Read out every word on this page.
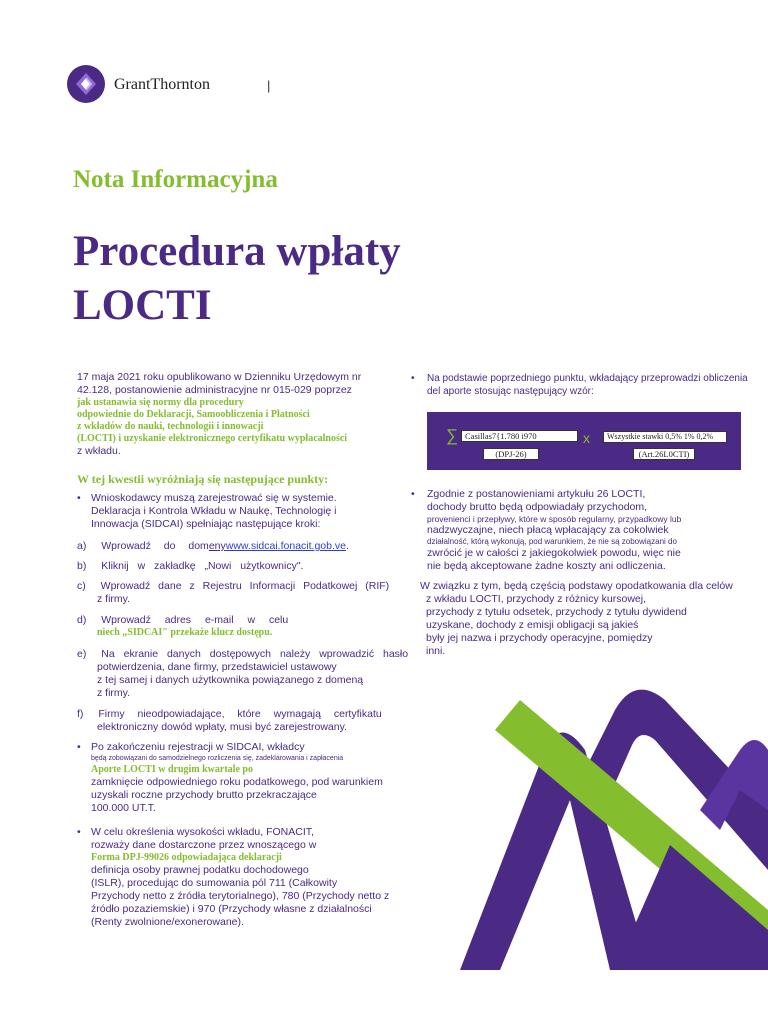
GrantThornton	|
Nota Informacyjna
Procedura wpłaty
LOCTI
17 maja 2021 roku opublikowano w Dzienniku Urzędowym nr
42.128, postanowienie administracyjne nr 015-029 poprzez
jak ustanawia się normy dla procedury
odpowiednie do Deklaracji, Samoobliczenia i Płatności
z wkładów do nauki, technologii i innowacji
(LOCTI) i uzyskanie elektronicznego certyfikatu wypłacalności
z wkładu.
W tej kwestii wyróżniają się następujące punkty:
• Wnioskodawcy muszą zarejestrować się w systemie.
Deklaracja i Kontrola Wkładu w Naukę, Technologię i
Innowacja (SIDCAI) spełniając następujące kroki:
a) Wprowadź do domenywww.sidcai.fonacit.gob.ve.
b) Kliknij w zakładkę „Nowi użytkownicy".
c) Wprowadź dane z Rejestru Informacji Podatkowej (RIF)
z firmy.
d) Wprowadź adres e-mail w celu
niech „SIDCAI" przekaże klucz dostępu.
e) Na ekranie danych dostępowych należy wprowadzić hasło
potwierdzenia, dane firmy, przedstawiciel ustawowy
z tej samej i danych użytkownika powiązanego z domeną
z firmy.
f) Firmy nieodpowiadające, które wymagają certyfikatu
elektroniczny dowód wpłaty, musi być zarejestrowany.
• Po zakończeniu rejestracji w SIDCAI, wkładcy
będą zobowiązani do samodzielnego rozliczenia się, zadeklarowania i zapłacenia
Aporte LOCTI w drugim kwartale po
zamknięcie odpowiedniego roku podatkowego, pod warunkiem
uzyskali roczne przychody brutto przekraczające
100.000 UT.T.
• W celu określenia wysokości wkładu, FONACIT,
rozważy dane dostarczone przez wnoszącego w
Forma DPJ-99026 odpowiadająca deklaracji
definicja osoby prawnej podatku dochodowego
(ISLR), procedując do sumowania pól 711 (Całkowity
Przychody netto z źródła terytorialnego), 780 (Przychody netto z
źródło pozaziemskie) i 970 (Przychody własne z działalności
(Renty zwolnione/exonerowane).
• Na podstawie poprzedniego punktu, wkładający przeprowadzi obliczenia
del aporte stosując następujący wzór:
∑ Casillas7{1.780 i970
(DPJ-26)
x	Wszystkie stawki 0,5% 1% 0,2%
(Art.26L0CTI)
• Zgodnie z postanowieniami artykułu 26 LOCTI,
dochody brutto będą odpowiadały przychodom,
provenienci i przepływy, które w sposób regularny, przypadkowy lub
nadzwyczajne, niech płacą wpłacający za cokolwiek
działalność, którą wykonują, pod warunkiem, że nie są zobowiązani do
zwrócić je w całości z jakiegokolwiek powodu, więc nie
nie będą akceptowane żadne koszty ani odliczenia.
W związku z tym, będą częścią podstawy opodatkowania dla celów
z wkładu LOCTI, przychody z różnicy kursowej,
przychody z tytułu odsetek, przychody z tytułu dywidend
uzyskane, dochody z emisji obligacji są jakieś
były jej nazwa i przychody operacyjne, pomiędzy
inni.
